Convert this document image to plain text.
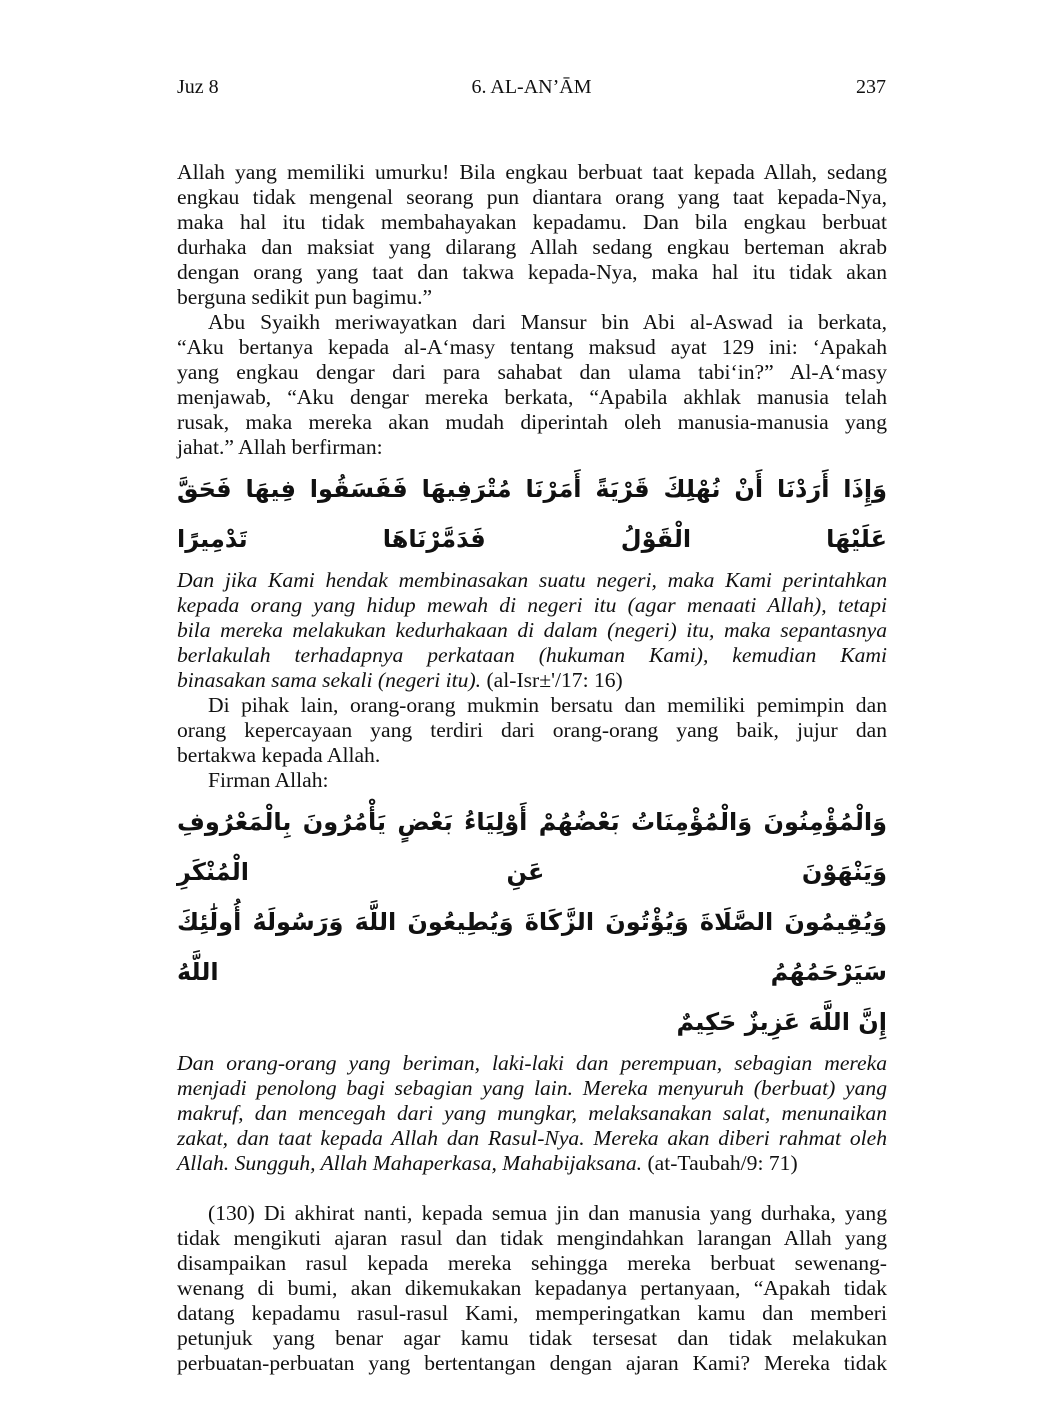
Juz 8	6. AL-AN’ĀM	237
Allah yang memiliki umurku! Bila engkau berbuat taat kepada Allah, sedang
engkau tidak mengenal seorang pun diantara orang yang taat kepada-Nya,
maka hal itu tidak membahayakan kepadamu. Dan bila engkau berbuat
durhaka dan maksiat yang dilarang Allah sedang engkau berteman akrab
dengan orang yang taat dan takwa kepada-Nya, maka hal itu tidak akan
berguna sedikit pun bagimu.”
Abu Syaikh meriwayatkan dari Mansur bin Abi al-Aswad ia berkata,
“Aku bertanya kepada al-A‘masy tentang maksud ayat 129 ini: ‘Apakah
yang engkau dengar dari para sahabat dan ulama tabi‘in?” Al-A‘masy
menjawab, “Aku dengar mereka berkata, “Apabila akhlak manusia telah
rusak, maka mereka akan mudah diperintah oleh manusia-manusia yang
jahat.” Allah berfirman:
وَإِذَا أَرَدْنَا أَنْ نُهْلِكَ قَرْيَةً أَمَرْنَا مُتْرَفِيهَا فَفَسَقُوا فِيهَا فَحَقَّ عَلَيْهَا الْقَوْلُ فَدَمَّرْنَاهَا تَدْمِيرًا
Dan jika Kami hendak membinasakan suatu negeri, maka Kami perintahkan
kepada orang yang hidup mewah di negeri itu (agar menaati Allah), tetapi
bila mereka melakukan kedurhakaan di dalam (negeri) itu, maka sepantasnya
berlakulah terhadapnya perkataan (hukuman Kami), kemudian Kami
binasakan sama sekali (negeri itu). (al-Isr±'/17: 16)
Di pihak lain, orang-orang mukmin bersatu dan memiliki pemimpin dan
orang kepercayaan yang terdiri dari orang-orang yang baik, jujur dan
bertakwa kepada Allah.
Firman Allah:
وَالْمُؤْمِنُونَ وَالْمُؤْمِنَاتُ بَعْضُهُمْ أَوْلِيَاءُ بَعْضٍ يَأْمُرُونَ بِالْمَعْرُوفِ وَيَنْهَوْنَ عَنِ الْمُنْكَرِ
وَيُقِيمُونَ الصَّلَاةَ وَيُؤْتُونَ الزَّكَاةَ وَيُطِيعُونَ اللَّهَ وَرَسُولَهُ أُولَٰئِكَ سَيَرْحَمُهُمُ اللَّهُ
إِنَّ اللَّهَ عَزِيزٌ حَكِيمٌ
Dan orang-orang yang beriman, laki-laki dan perempuan, sebagian mereka
menjadi penolong bagi sebagian yang lain. Mereka menyuruh (berbuat) yang
makruf, dan mencegah dari yang mungkar, melaksanakan salat, menunaikan
zakat, dan taat kepada Allah dan Rasul-Nya. Mereka akan diberi rahmat oleh
Allah. Sungguh, Allah Mahaperkasa, Mahabijaksana. (at-Taubah/9: 71)
(130) Di akhirat nanti, kepada semua jin dan manusia yang durhaka, yang
tidak mengikuti ajaran rasul dan tidak mengindahkan larangan Allah yang
disampaikan rasul kepada mereka sehingga mereka berbuat sewenang-
wenang di bumi, akan dikemukakan kepadanya pertanyaan, “Apakah tidak
datang kepadamu rasul-rasul Kami, memperingatkan kamu dan memberi
petunjuk yang benar agar kamu tidak tersesat dan tidak melakukan
perbuatan-perbuatan yang bertentangan dengan ajaran Kami? Mereka tidak
